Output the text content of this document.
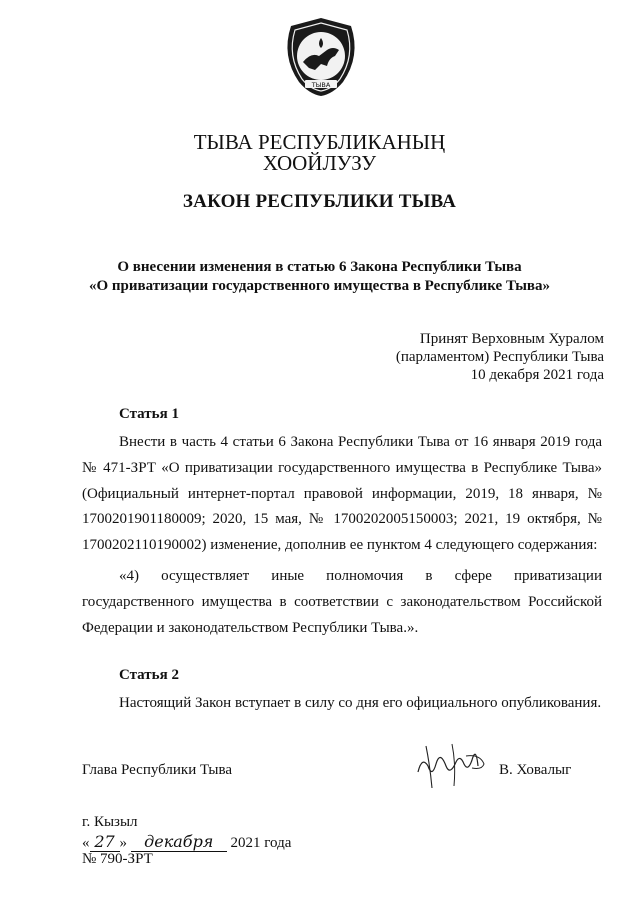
ТЫВА
ТЫВА РЕСПУБЛИКАНЫҢ
ХООЙЛУЗУ
ЗАКОН РЕСПУБЛИКИ ТЫВА
О внесении изменения в статью 6 Закона Республики Тыва
«О приватизации государственного имущества в Республике Тыва»
Принят Верховным Хуралом
(парламентом) Республики Тыва
10 декабря 2021 года
Статья 1

Внести в часть 4 статьи 6 Закона Республики Тыва от 16 января 2019 года № 471-ЗРТ «О приватизации государственного имущества в Республике Тыва» (Официальный интернет-портал правовой информации, 2019, 18 января, № 1700201901180009; 2020, 15 мая, № 1700202005150003; 2021, 19 октября, № 1700202110190002) изменение, дополнив ее пунктом 4 следующего содержания:

«4) осуществляет иные полномочия в сфере приватизации государственного имущества в соответствии с законодательством Российской Федерации и законодательством Республики Тыва.».

Статья 2

Настоящий Закон вступает в силу со дня его официального опубликования.

Глава Республики Тыва	В. Ховалыг
г. Кызыл
« 27 » декабря 2021 года
№ 790-ЗРТ
